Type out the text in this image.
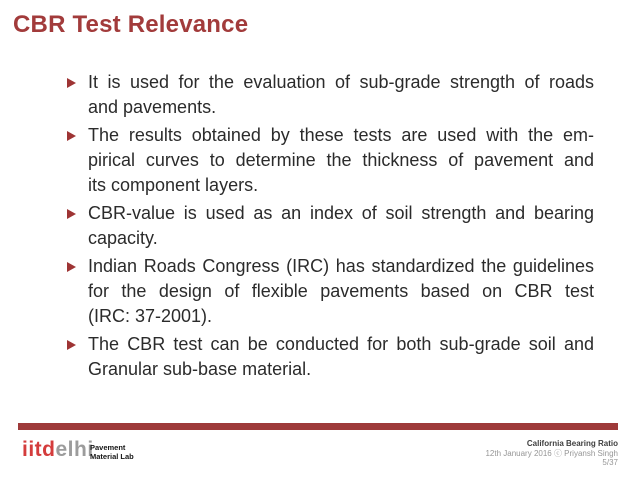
CBR Test Relevance
It is used for the evaluation of sub-grade strength of roads
and pavements.
The results obtained by these tests are used with the em-
pirical curves to determine the thickness of pavement and
its component layers.
CBR-value is used as an index of soil strength and bearing
capacity.
Indian Roads Congress (IRC) has standardized the guidelines
for the design of flexible pavements based on CBR test
(IRC: 37-2001).
The CBR test can be conducted for both sub-grade soil and
Granular sub-base material.
iitdelhi
Pavement
Material Lab
California Bearing Ratio
12th January 2016 ⓒ Priyansh Singh
5/37
